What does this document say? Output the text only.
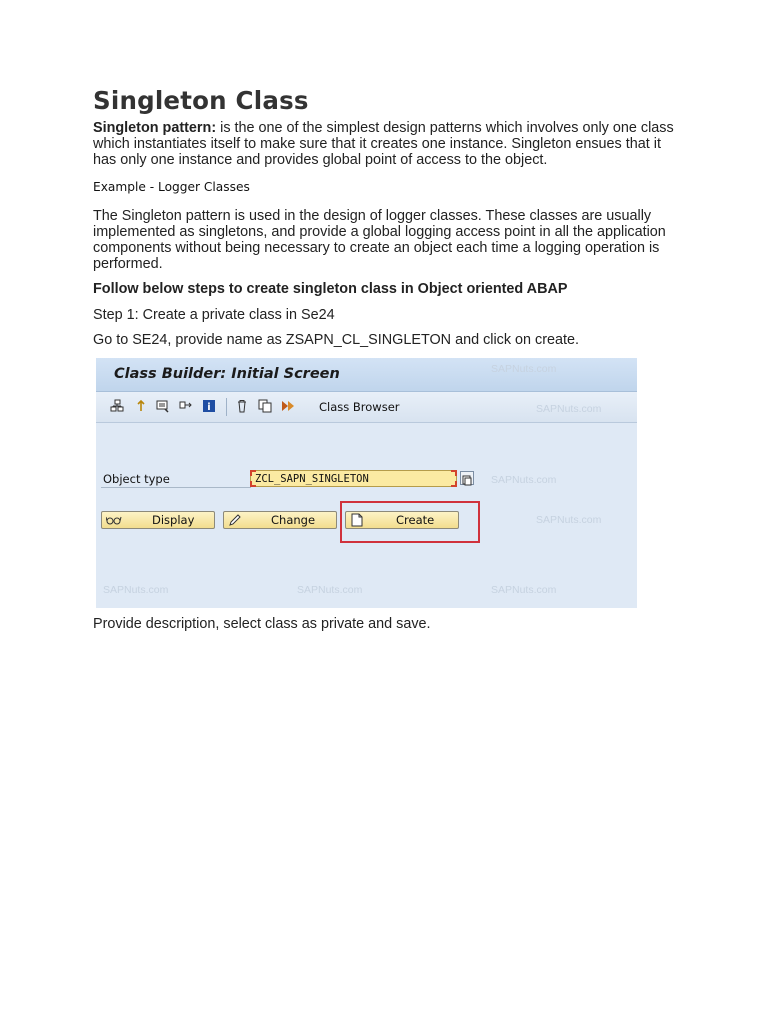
Singleton Class

Singleton pattern: is the one of the simplest design patterns which involves only one class which instantiates itself to make sure that it creates one instance. Singleton ensues that it has only one instance and provides global point of access to the object.

Example - Logger Classes

The Singleton pattern is used in the design of logger classes. These classes are usually implemented as singletons, and provide a global logging access point in all the application components without being necessary to create an object each time a logging operation is performed.

Follow below steps to create singleton class in Object oriented ABAP

Step 1: Create a private class in Se24

Go to SE24, provide name as ZSAPN_CL_SINGLETON and click on create.

Class Builder: Initial Screen
i	Class Browser
SAPNuts.com
SAPNuts.com
SAPNuts.com
SAPNuts.com
SAPNuts.com	SAPNuts.com	SAPNuts.com
Object type	ZCL_SAPN_SINGLETON
Display	Change	Create

Provide description, select class as private and save.
